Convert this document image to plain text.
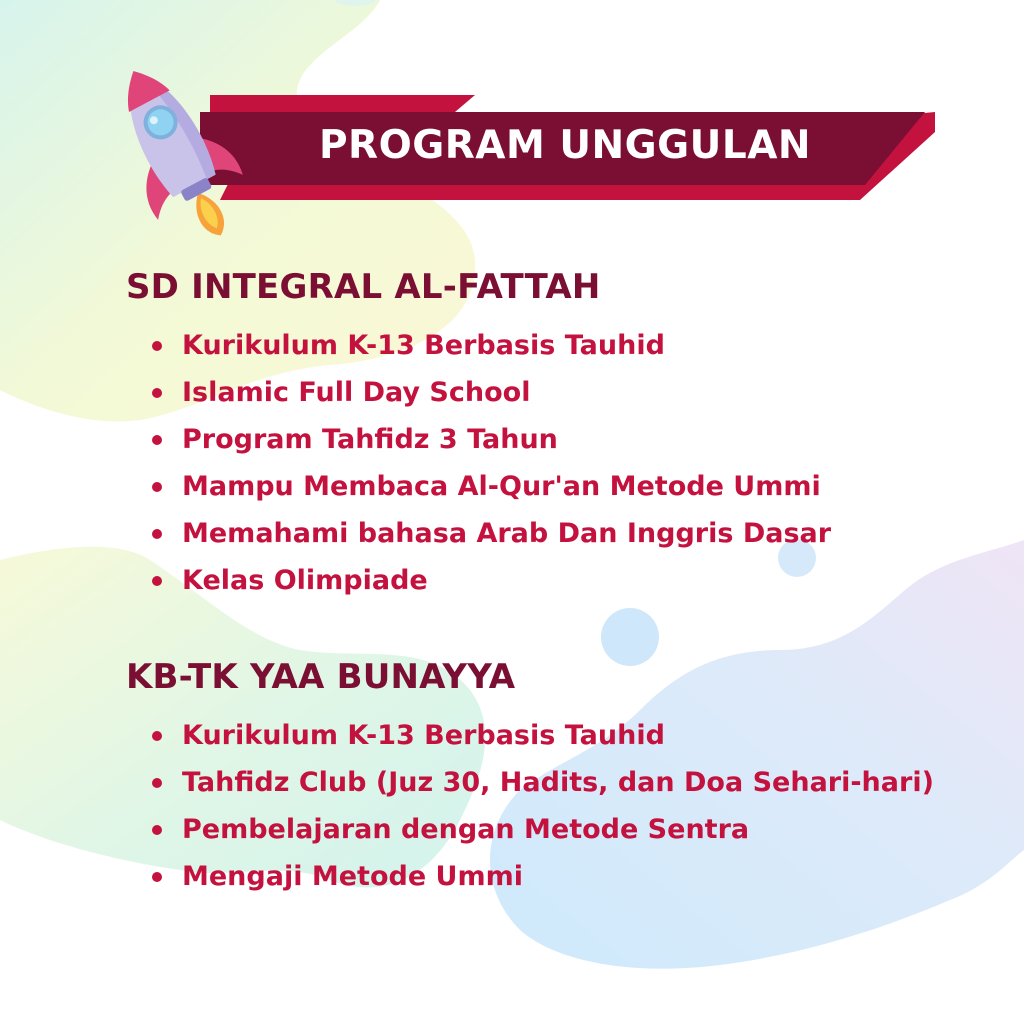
PROGRAM UNGGULAN
SD INTEGRAL AL-FATTAH
Kurikulum K-13 Berbasis Tauhid
Islamic Full Day School
Program Tahfidz 3 Tahun
Mampu Membaca Al-Qur'an Metode Ummi
Memahami bahasa Arab Dan Inggris Dasar
Kelas Olimpiade
KB-TK YAA BUNAYYA
Kurikulum K-13 Berbasis Tauhid
Tahfidz Club (Juz 30, Hadits, dan Doa Sehari-hari)
Pembelajaran dengan Metode Sentra
Mengaji Metode Ummi
